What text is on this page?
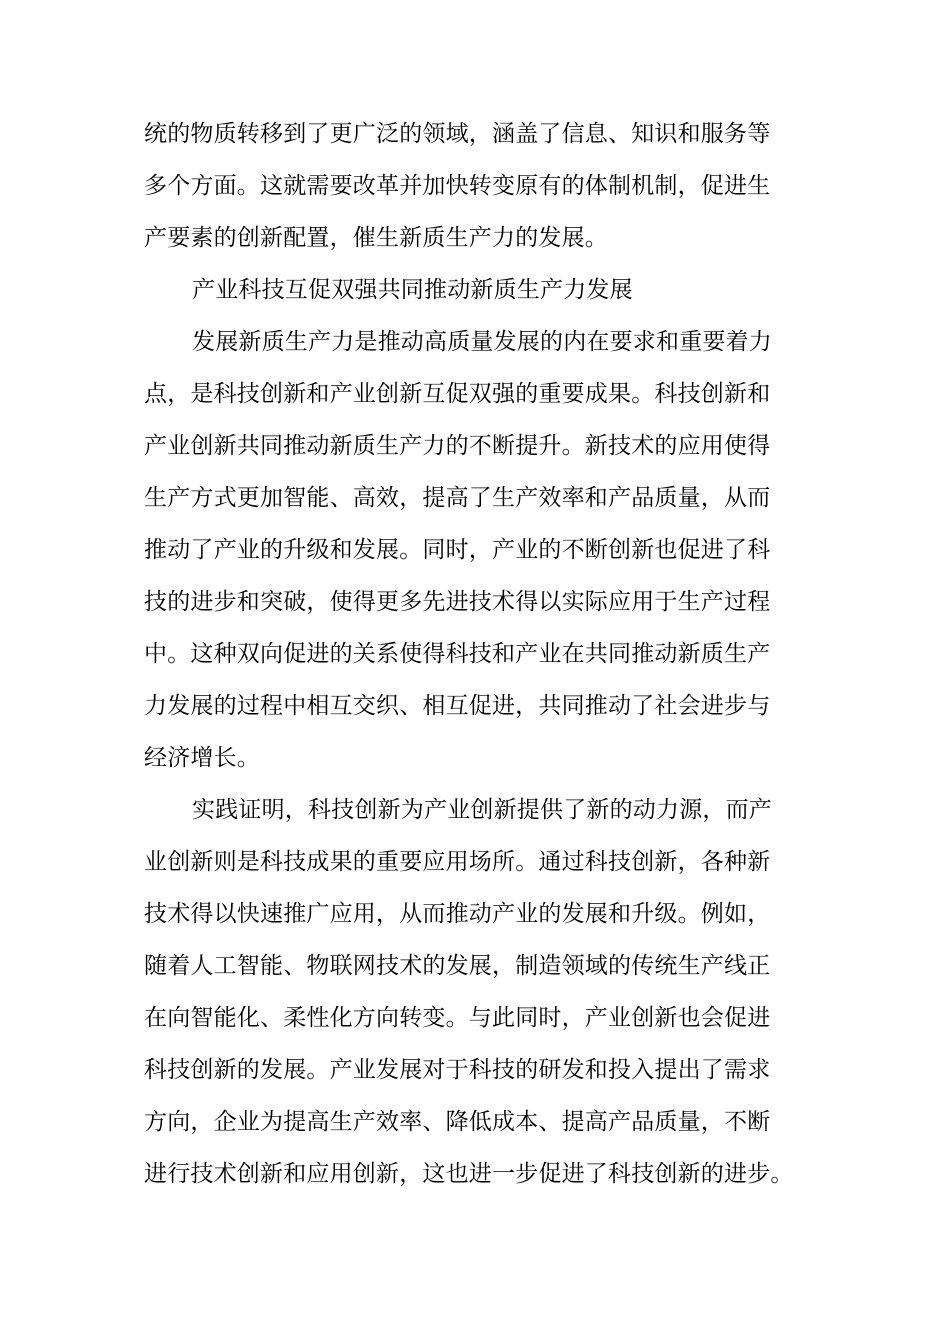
统的物质转移到了更广泛的领域，涵盖了信息、知识和服务等
多个方面。这就需要改革并加快转变原有的体制机制，促进生
产要素的创新配置，催生新质生产力的发展。
产业科技互促双强共同推动新质生产力发展
发展新质生产力是推动高质量发展的内在要求和重要着力
点，是科技创新和产业创新互促双强的重要成果。科技创新和
产业创新共同推动新质生产力的不断提升。新技术的应用使得
生产方式更加智能、高效，提高了生产效率和产品质量，从而
推动了产业的升级和发展。同时，产业的不断创新也促进了科
技的进步和突破，使得更多先进技术得以实际应用于生产过程
中。这种双向促进的关系使得科技和产业在共同推动新质生产
力发展的过程中相互交织、相互促进，共同推动了社会进步与
经济增长。
实践证明，科技创新为产业创新提供了新的动力源，而产
业创新则是科技成果的重要应用场所。通过科技创新，各种新
技术得以快速推广应用，从而推动产业的发展和升级。例如，
随着人工智能、物联网技术的发展，制造领域的传统生产线正
在向智能化、柔性化方向转变。与此同时，产业创新也会促进
科技创新的发展。产业发展对于科技的研发和投入提出了需求
方向，企业为提高生产效率、降低成本、提高产品质量，不断
进行技术创新和应用创新，这也进一步促进了科技创新的进步。
